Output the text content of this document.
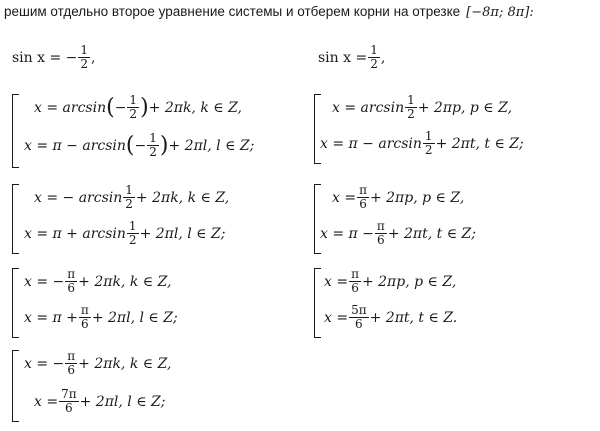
решим отдельно второе уравнение системы и отберем корни на отрезке [−8π; 8π]:
sin x = − $\frac{1}{2}$ ,	$\sin x = \frac{1}{2}$ ,
x = arcsin ( − $\frac{1}{2}$ ) + 2πk, k ∈ Z,
x = π − arcsin ( − $\frac{1}{2}$ ) + 2πl, l ∈ Z;
x = − $\arcsin \frac{1}{2} + 2\pi k$, k ∈ Z,
$x = \pi + \arcsin \frac{1}{2} + 2\pi l$, l ∈ Z;
x = − $\frac{\pi}{6} + 2\pi k$, k ∈ Z,
$x = \pi + \frac{\pi}{6} + 2\pi l$, l ∈ Z;
x = − $\frac{\pi}{6} + 2\pi k$, k ∈ Z,
$x = \frac{7\pi}{6} + 2\pi l$, l ∈ Z;
$x = \arcsin \frac{1}{2} + 2\pi p$, p ∈ Z,
$x = \pi - \arcsin \frac{1}{2} + 2\pi t$, t ∈ Z;
$x = \frac{\pi}{6} + 2\pi p$, p ∈ Z,
$x = \pi - \frac{\pi}{6} + 2\pi t$, t ∈ Z;
$x = \frac{\pi}{6} + 2\pi p$, p ∈ Z,
$x = \frac{5\pi}{6} + 2\pi t$, t ∈ Z.
